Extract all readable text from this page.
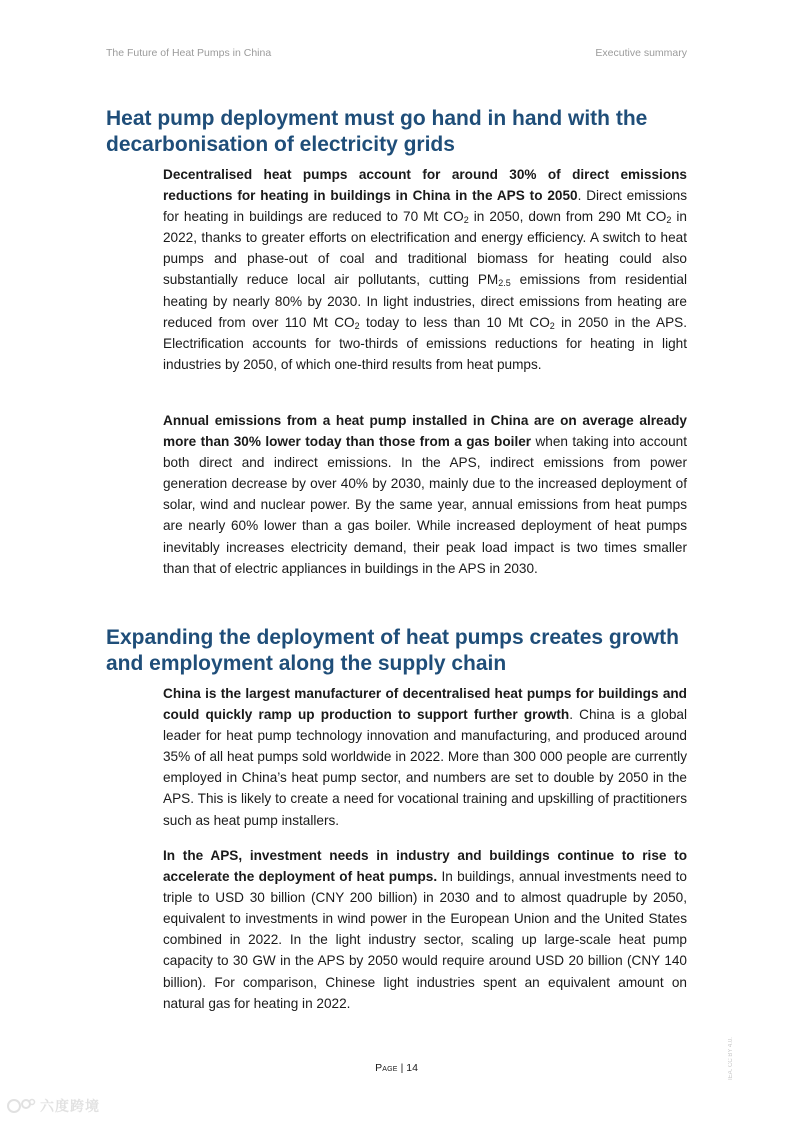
The Future of Heat Pumps in China	Executive summary
Heat pump deployment must go hand in hand with the decarbonisation of electricity grids

Decentralised heat pumps account for around 30% of direct emissions reductions for heating in buildings in China in the APS to 2050. Direct emissions for heating in buildings are reduced to 70 Mt $CO_2$ in 2050, down from 290 Mt $CO_2$ in 2022, thanks to greater efforts on electrification and energy efficiency. A switch to heat pumps and phase-out of coal and traditional biomass for heating could also substantially reduce local air pollutants, cutting $PM_{2.5}$ emissions from residential heating by nearly 80% by 2030. In light industries, direct emissions from heating are reduced from over 110 Mt $CO_2$ today to less than 10 Mt $CO_2$ in 2050 in the APS. Electrification accounts for two-thirds of emissions reductions for heating in light industries by 2050, of which one-third results from heat pumps.

Annual emissions from a heat pump installed in China are on average already more than 30% lower today than those from a gas boiler when taking into account both direct and indirect emissions. In the APS, indirect emissions from power generation decrease by over 40% by 2030, mainly due to the increased deployment of solar, wind and nuclear power. By the same year, annual emissions from heat pumps are nearly 60% lower than a gas boiler. While increased deployment of heat pumps inevitably increases electricity demand, their peak load impact is two times smaller than that of electric appliances in buildings in the APS in 2030.

Expanding the deployment of heat pumps creates growth and employment along the supply chain

China is the largest manufacturer of decentralised heat pumps for buildings and could quickly ramp up production to support further growth. China is a global leader for heat pump technology innovation and manufacturing, and produced around 35% of all heat pumps sold worldwide in 2022. More than 300 000 people are currently employed in China’s heat pump sector, and numbers are set to double by 2050 in the APS. This is likely to create a need for vocational training and upskilling of practitioners such as heat pump installers.

In the APS, investment needs in industry and buildings continue to rise to accelerate the deployment of heat pumps. In buildings, annual investments need to triple to USD 30 billion (CNY 200 billion) in 2030 and to almost quadruple by 2050, equivalent to investments in wind power in the European Union and the United States combined in 2022. In the light industry sector, scaling up large-scale heat pump capacity to 30 GW in the APS by 2050 would require around USD 20 billion (CNY 140 billion). For comparison, Chinese light industries spent an equivalent amount on natural gas for heating in 2022.

Page | 14	IEA. CC BY 4.0.
六度跨境
